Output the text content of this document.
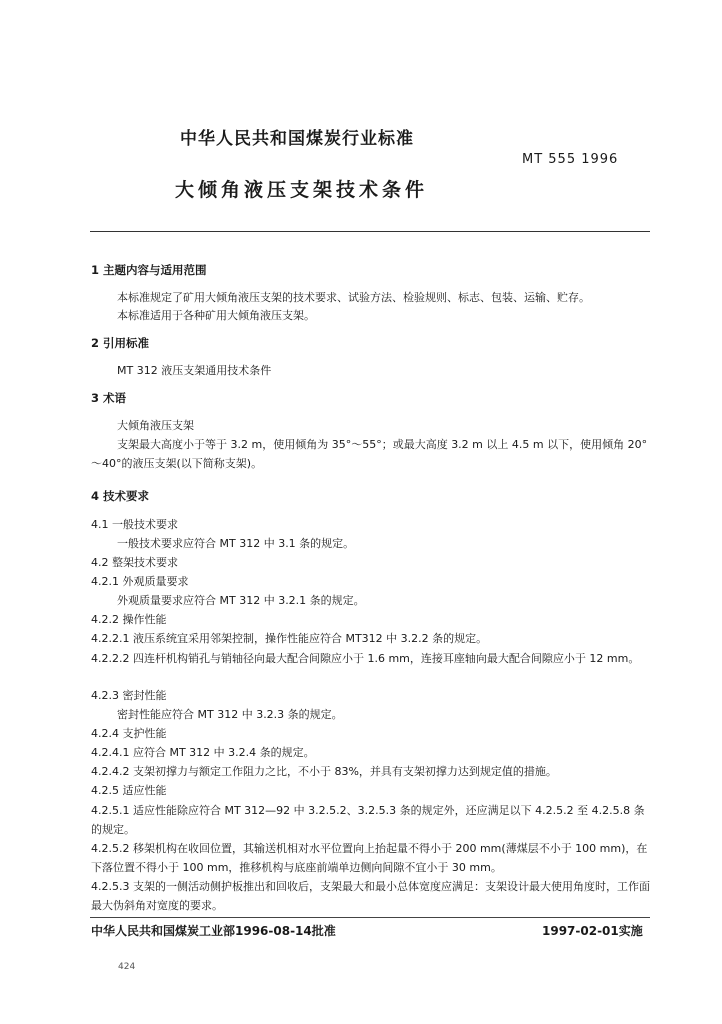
中华人民共和国煤炭行业标准
MT 555 1996
大倾角液压支架技术条件
1 主题内容与适用范围
本标准规定了矿用大倾角液压支架的技术要求、试验方法、检验规则、标志、包装、运输、贮存。
本标准适用于各种矿用大倾角液压支架。
2 引用标准
MT 312 液压支架通用技术条件
3 术语
大倾角液压支架
支架最大高度小于等于 3.2 m，使用倾角为 35°～55°；或最大高度 3.2 m 以上 4.5 m 以下，使用倾角 20°～40°的液压支架(以下简称支架)。
4 技术要求
4.1 一般技术要求
一般技术要求应符合 MT 312 中 3.1 条的规定。
4.2 整架技术要求
4.2.1 外观质量要求
外观质量要求应符合 MT 312 中 3.2.1 条的规定。
4.2.2 操作性能
4.2.2.1 液压系统宜采用邻架控制，操作性能应符合 MT312 中 3.2.2 条的规定。
4.2.2.2 四连杆机构销孔与销轴径向最大配合间隙应小于 1.6 mm，连接耳座轴向最大配合间隙应小于 12 mm。
4.2.3 密封性能
密封性能应符合 MT 312 中 3.2.3 条的规定。
4.2.4 支护性能
4.2.4.1 应符合 MT 312 中 3.2.4 条的规定。
4.2.4.2 支架初撑力与额定工作阻力之比，不小于 83%，并具有支架初撑力达到规定值的措施。
4.2.5 适应性能
4.2.5.1 适应性能除应符合 MT 312—92 中 3.2.5.2、3.2.5.3 条的规定外，还应满足以下 4.2.5.2 至 4.2.5.8 条的规定。
4.2.5.2 移架机构在收回位置，其输送机相对水平位置向上抬起量不得小于 200 mm(薄煤层不小于 100 mm)，在下落位置不得小于 100 mm，推移机构与底座前端单边侧向间隙不宜小于 30 mm。
4.2.5.3 支架的一侧活动侧护板推出和回收后，支架最大和最小总体宽度应满足：支架设计最大使用角度时，工作面最大伪斜角对宽度的要求。
中华人民共和国煤炭工业部1996-08-14批准	1997-02-01实施
424
